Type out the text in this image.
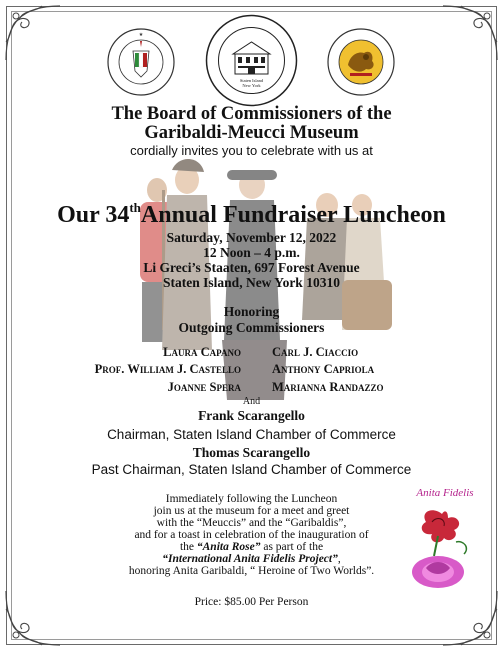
★
Staten Island
New York
The Board of Commissioners of the
Garibaldi-Meucci Museum
cordially invites you to celebrate with us at
Our 34thAnnual Fundraiser Luncheon
Saturday, November 12, 2022
12 Noon – 4 p.m.
Li Greci’s Staaten, 697 Forest Avenue
Staten Island, New York 10310
Honoring
Outgoing Commissioners
Laura Capano
Prof. William J. Castello
Joanne Spera
Carl J. Ciaccio
Anthony Capriola
Marianna Randazzo
And
Frank Scarangello
Chairman, Staten Island Chamber of Commerce
Thomas Scarangello
Past Chairman, Staten Island Chamber of Commerce
Immediately following the Luncheon
join us at the museum for a meet and greet
with the “Meuccis” and the “Garibaldis”,
and for a toast in celebration of the inauguration of
the “Anita Rose” as part of the
“International Anita Fidelis Project”,
honoring Anita Garibaldi, “ Heroine of Two Worlds”.
Price: $85.00 Per Person
Anita Fidelis
